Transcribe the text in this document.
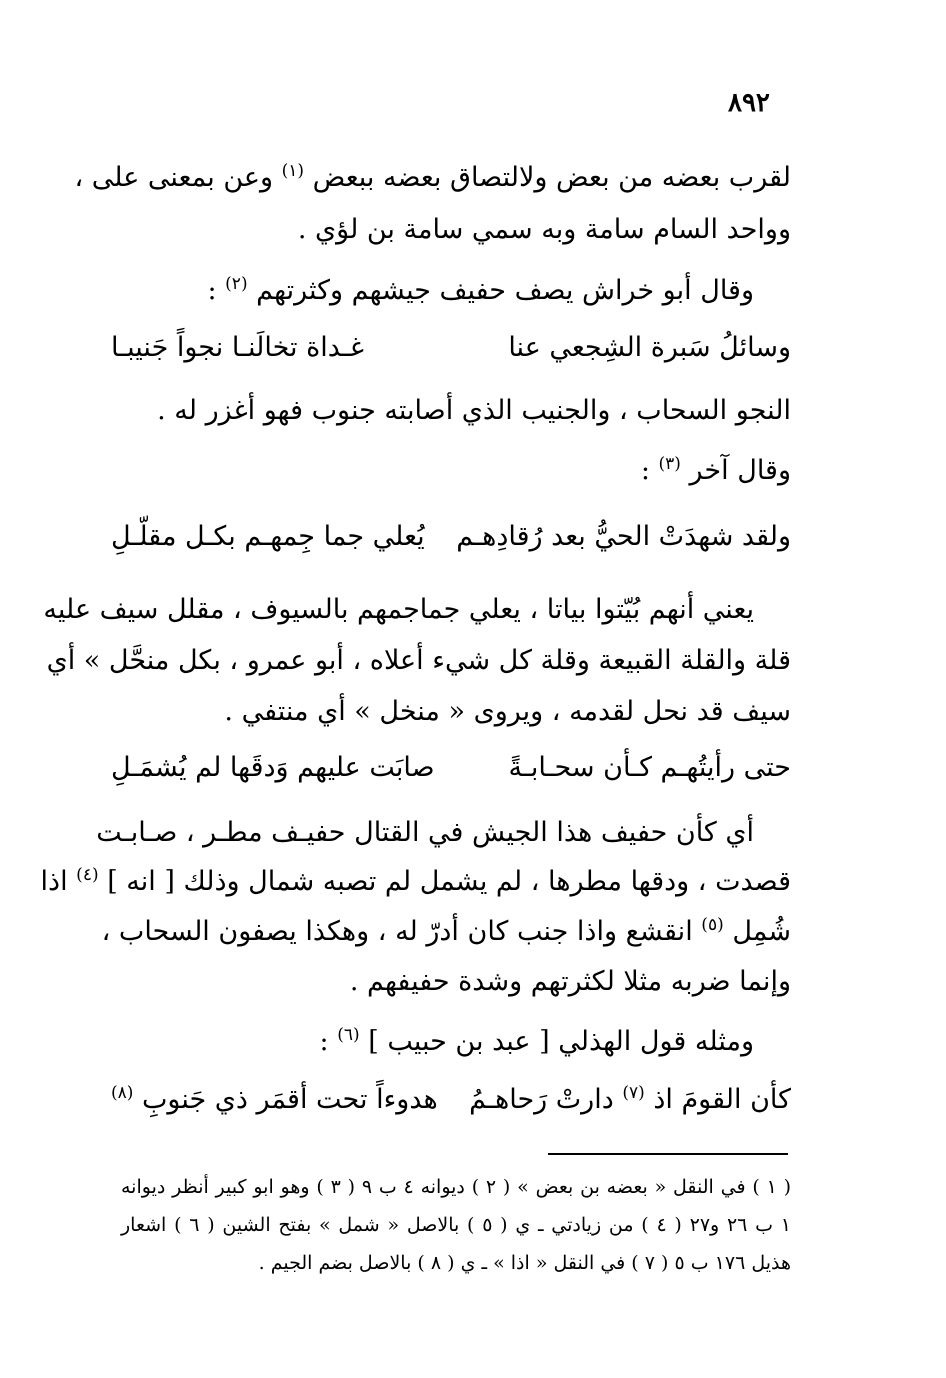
٨٩٢
لقرب بعضه من بعض ولالتصاق بعضه ببعض $^{(١)}$ وعن بمعنى على ،
وواحد السام سامة وبه سمي سامة بن لؤي .
وقال أبو خراش يصف حفيف جيشهم وكثرتهم $^{(٢)}$ :
وسائلُ سَبرة الشِجعي عنا
غـداة تخالَنـا نجواً جَنيبـا
النجو السحاب ، والجنيب الذي أصابته جنوب فهو أغزر له .
وقال آخر $^{(٣)}$ :
ولقد شهدَتْ الحيُّ بعد رُقادِهـم
يُعلي جما جِمهـم بكـل مقلّـلِ
يعني أنهم بُيّتوا بياتا ، يعلي جماجمهم بالسيوف ، مقلل سيف عليه
قلة والقلة القبيعة وقلة كل شيء أعلاه ، أبو عمرو ، بكل منحَّل » أي
سيف قد نحل لقدمه ، ويروى « منخل » أي منتفي .
حتى رأيتُهـم كـأن سحـابـةً
صابَت عليهم وَدقَها لم يُشمَـلِ
أي كأن حفيف هذا الجيش في القتال حفيـف مطـر ، صـابـت
قصدت ، ودقها مطرها ، لم يشمل لم تصبه شمال وذلك [ انه ] $^{(٤)}$ اذا
شُمِل $^{(٥)}$ انقشع واذا جنب كان أدرّ له ، وهكذا يصفون السحاب ،
وإنما ضربه مثلا لكثرتهم وشدة حفيفهم .
ومثله قول الهذلي [ عبد بن حبيب ] $^{(٦)}$ :
كأن القومَ اذ $^{(٧)}$ دارتْ رَحاهـمُ
هدوءاً تحت أقمَر ذي جَنوبِ $^{(٨)}$
( ١ ) في النقل « بعضه بن بعض » ( ٢ ) ديوانه ٤ ب ٩ ( ٣ ) وهو ابو كبير أنظر ديوانه
١ ب ٢٦ و٢٧ ( ٤ ) من زيادتي ـ ي ( ٥ ) بالاصل « شمل » بفتح الشين ( ٦ ) اشعار
هذيل ١٧٦ ب ٥ ( ٧ ) في النقل « اذا » ـ ي ( ٨ ) بالاصل بضم الجيم .
